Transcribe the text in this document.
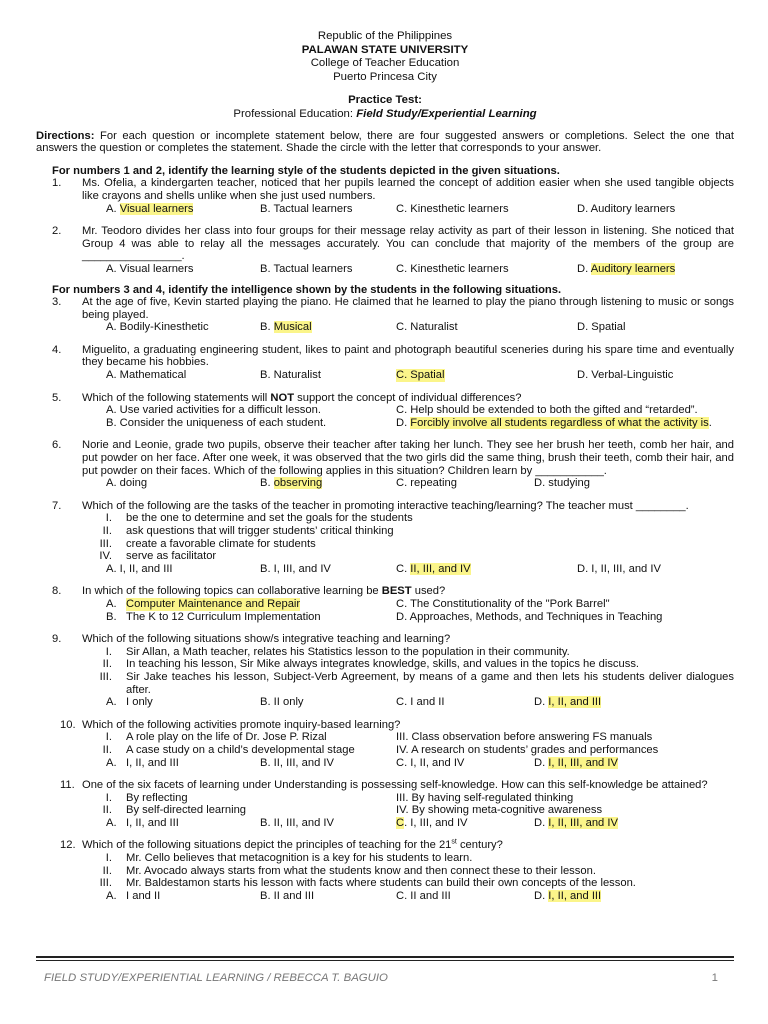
Republic of the Philippines
PALAWAN STATE UNIVERSITY
College of Teacher Education
Puerto Princesa City
Practice Test:
Professional Education: Field Study/Experiential Learning
Directions: For each question or incomplete statement below, there are four suggested answers or completions. Select the one that answers the question or completes the statement. Shade the circle with the letter that corresponds to your answer.
For numbers 1 and 2, identify the learning style of the students depicted in the given situations.
1.	Ms. Ofelia, a kindergarten teacher, noticed that her pupils learned the concept of addition easier when she used tangible objects like crayons and shells unlike when she just used numbers.
A. Visual learners	B. Tactual learners	C. Kinesthetic learners	D. Auditory learners
2.	Mr. Teodoro divides her class into four groups for their message relay activity as part of their lesson in listening. She noticed that Group 4 was able to relay all the messages accurately. You can conclude that majority of the members of the group are ________________.
A. Visual learners	B. Tactual learners	C. Kinesthetic learners	D. Auditory learners
For numbers 3 and 4, identify the intelligence shown by the students in the following situations.
3.	At the age of five, Kevin started playing the piano. He claimed that he learned to play the piano through listening to music or songs being played.
A. Bodily-Kinesthetic	B. Musical	C. Naturalist	D. Spatial
4.	Miguelito, a graduating engineering student, likes to paint and photograph beautiful sceneries during his spare time and eventually they became his hobbies.
A. Mathematical	B. Naturalist	C. Spatial	D. Verbal-Linguistic
5.	Which of the following statements will NOT support the concept of individual differences?
A. Use varied activities for a difficult lesson.	C. Help should be extended to both the gifted and “retarded”.
B. Consider the uniqueness of each student.	D. Forcibly involve all students regardless of what the activity is.
6.	Norie and Leonie, grade two pupils, observe their teacher after taking her lunch. They see her brush her teeth, comb her hair, and put powder on her face. After one week, it was observed that the two girls did the same thing, brush their teeth, comb their hair, and put powder on their faces. Which of the following applies in this situation? Children learn by ___________.
A. doing	B. observing	C. repeating	D. studying
7.	Which of the following are the tasks of the teacher in promoting interactive teaching/learning? The teacher must ________.
I. be the one to determine and set the goals for the students
II. ask questions that will trigger students’ critical thinking
III. create a favorable climate for students
IV. serve as facilitator
A. I, II, and III	B. I, III, and IV	C. II, III, and IV	D. I, II, III, and IV
8.	In which of the following topics can collaborative learning be BEST used?
A. Computer Maintenance and Repair	C. The Constitutionality of the "Pork Barrel"
B. The K to 12 Curriculum Implementation	D. Approaches, Methods, and Techniques in Teaching
9.	Which of the following situations show/s integrative teaching and learning?
I. Sir Allan, a Math teacher, relates his Statistics lesson to the population in their community.
II. In teaching his lesson, Sir Mike always integrates knowledge, skills, and values in the topics he discuss.
III.	Sir Jake teaches his lesson, Subject-Verb Agreement, by means of a game and then lets his students deliver dialogues after.
A. I only	B. II only	C. I and II	D. I, II, and III
10. Which of the following activities promote inquiry-based learning?
I. A role play on the life of Dr. Jose P. Rizal	III. Class observation before answering FS manuals
II. A case study on a child’s developmental stage	IV. A research on students’ grades and performances
A. I, II, and III	B. II, III, and IV	C. I, II, and IV	D. I, II, III, and IV
11. One of the six facets of learning under Understanding is possessing self-knowledge. How can this self-knowledge be attained?
I. By reflecting	III. By having self-regulated thinking
II. By self-directed learning	IV. By showing meta-cognitive awareness
A. I, II, and III	B. II, III, and IV	C. I, III, and IV	D. I, II, III, and IV
12. Which of the following situations depict the principles of teaching for the 21st century?
I. Mr. Cello believes that metacognition is a key for his students to learn.
II. Mr. Avocado always starts from what the students know and then connect these to their lesson.
III. Mr. Baldestamon starts his lesson with facts where students can build their own concepts of the lesson.
A. I and II	B. II and III	C. II and III	D. I, II, and III
FIELD STUDY/EXPERIENTIAL LEARNING / REBECCA T. BAGUIO	1
